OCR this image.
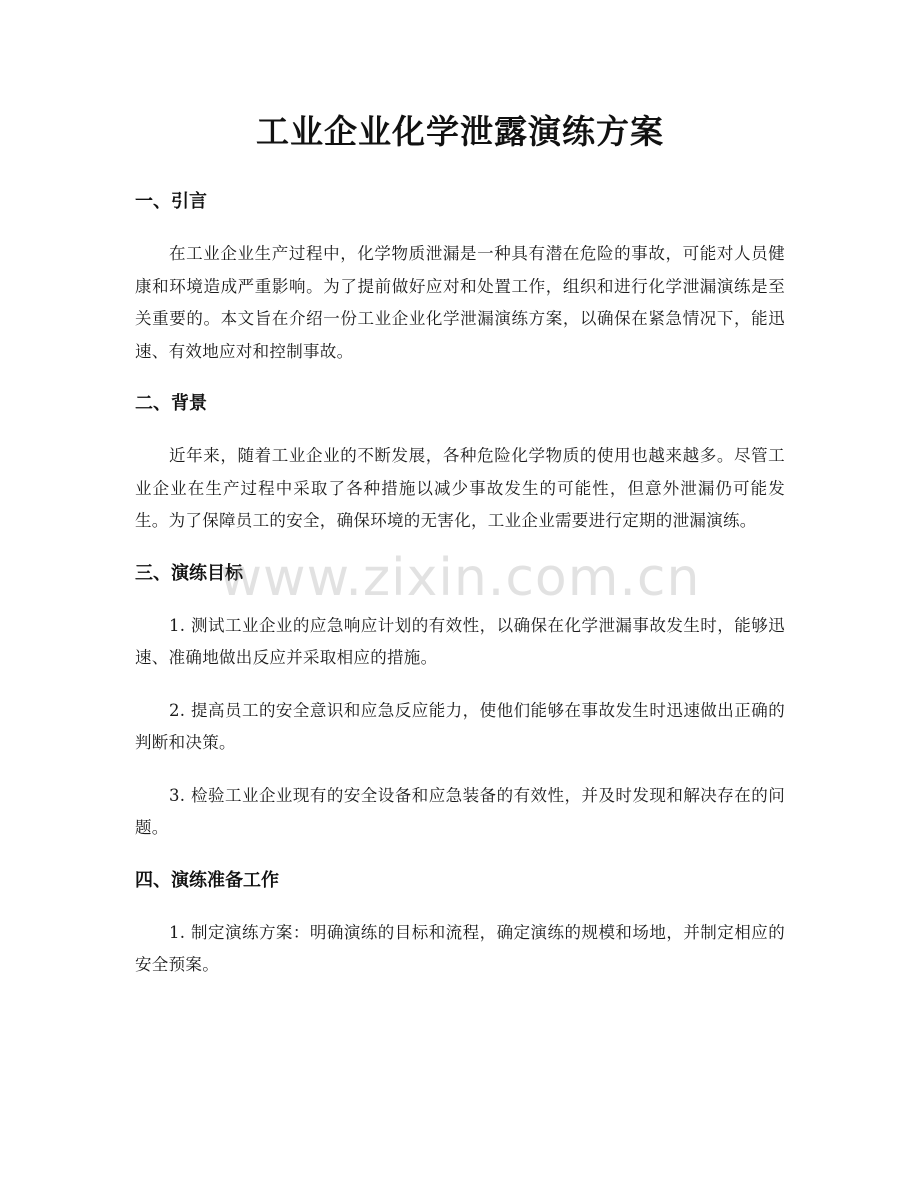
工业企业化学泄露演练方案
一、引言

在工业企业生产过程中，化学物质泄漏是一种具有潜在危险的事故，可能对人员健康和环境造成严重影响。为了提前做好应对和处置工作，组织和进行化学泄漏演练是至关重要的。本文旨在介绍一份工业企业化学泄漏演练方案，以确保在紧急情况下，能迅速、有效地应对和控制事故。

二、背景

近年来，随着工业企业的不断发展，各种危险化学物质的使用也越来越多。尽管工业企业在生产过程中采取了各种措施以减少事故发生的可能性，但意外泄漏仍可能发生。为了保障员工的安全，确保环境的无害化，工业企业需要进行定期的泄漏演练。

三、演练目标

1. 测试工业企业的应急响应计划的有效性，以确保在化学泄漏事故发生时，能够迅速、准确地做出反应并采取相应的措施。

2. 提高员工的安全意识和应急反应能力，使他们能够在事故发生时迅速做出正确的判断和决策。

3. 检验工业企业现有的安全设备和应急装备的有效性，并及时发现和解决存在的问题。

四、演练准备工作

1. 制定演练方案：明确演练的目标和流程，确定演练的规模和场地，并制定相应的安全预案。

www.zixin.com.cn
